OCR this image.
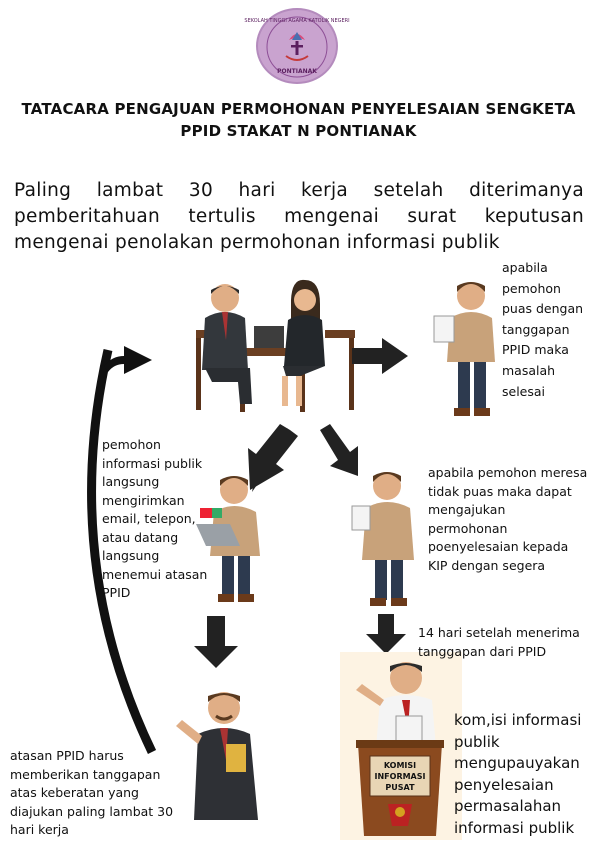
SEKOLAH TINGGI AGAMA KATOLIK NEGERI
PONTIANAK
TATACARA PENGAJUAN PERMOHONAN PENYELESAIAN SENGKETA
PPID STAKAT N PONTIANAK
Paling lambat 30 hari kerja setelah diterimanya pemberitahuan tertulis mengenai surat keputusan mengenai penolakan permohonan informasi publik
KOMISI
INFORMASI
PUSAT
apabila pemohon puas dengan tanggapan PPID maka masalah selesai
pemohon informasi publik langsung mengirimkan email, telepon, atau datang langsung menemui atasan PPID
apabila pemohon meresa tidak puas maka dapat mengajukan permohonan poenyelesaian kepada KIP dengan segera
14 hari setelah menerima tanggapan dari PPID
atasan PPID harus memberikan tanggapan atas keberatan yang diajukan paling lambat 30 hari kerja
kom,isi informasi publik mengupauyakan penyelesaian permasalahan informasi publik
